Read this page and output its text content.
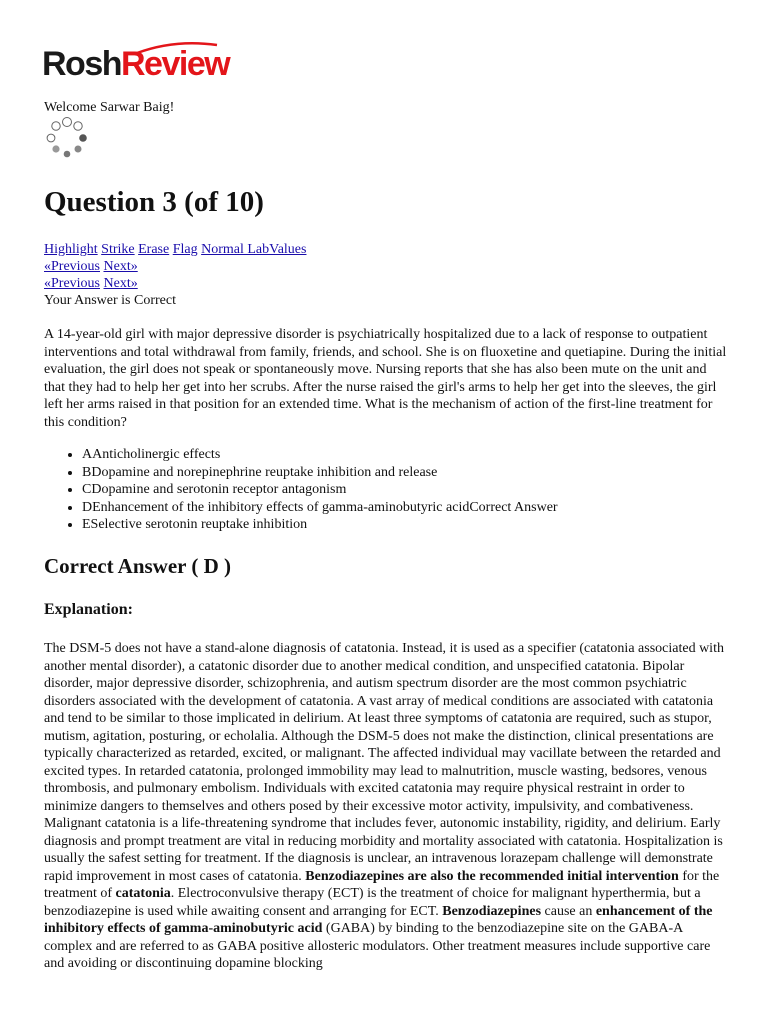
Rosh
Review
Welcome Sarwar Baig!
Question 3 (of 10)
Highlight Strike Erase Flag Normal LabValues
«Previous Next»
«Previous Next»
Your Answer is Correct

A 14-year-old girl with major depressive disorder is psychiatrically hospitalized due to a lack of response to outpatient interventions and total withdrawal from family, friends, and school. She is on fluoxetine and quetiapine. During the initial evaluation, the girl does not speak or spontaneously move. Nursing reports that she has also been mute on the unit and that they had to help her get into her scrubs. After the nurse raised the girl's arms to help her get into the sleeves, the girl left her arms raised in that position for an extended time. What is the mechanism of action of the first-line treatment for this condition?

• AAnticholinergic effects
• BDopamine and norepinephrine reuptake inhibition and release
• CDopamine and serotonin receptor antagonism
• DEnhancement of the inhibitory effects of gamma-aminobutyric acidCorrect Answer
• ESelective serotonin reuptake inhibition
Correct Answer ( D )
Explanation:

The DSM-5 does not have a stand-alone diagnosis of catatonia. Instead, it is used as a specifier (catatonia associated with another mental disorder), a catatonic disorder due to another medical condition, and unspecified catatonia. Bipolar disorder, major depressive disorder, schizophrenia, and autism spectrum disorder are the most common psychiatric disorders associated with the development of catatonia. A vast array of medical conditions are associated with catatonia and tend to be similar to those implicated in delirium. At least three symptoms of catatonia are required, such as stupor, mutism, agitation, posturing, or echolalia. Although the DSM-5 does not make the distinction, clinical presentations are typically characterized as retarded, excited, or malignant. The affected individual may vacillate between the retarded and excited types. In retarded catatonia, prolonged immobility may lead to malnutrition, muscle wasting, bedsores, venous thrombosis, and pulmonary embolism. Individuals with excited catatonia may require physical restraint in order to minimize dangers to themselves and others posed by their excessive motor activity, impulsivity, and combativeness. Malignant catatonia is a life-threatening syndrome that includes fever, autonomic instability, rigidity, and delirium. Early diagnosis and prompt treatment are vital in reducing morbidity and mortality associated with catatonia. Hospitalization is usually the safest setting for treatment. If the diagnosis is unclear, an intravenous lorazepam challenge will demonstrate rapid improvement in most cases of catatonia. Benzodiazepines are also the recommended initial intervention for the treatment of catatonia. Electroconvulsive therapy (ECT) is the treatment of choice for malignant hyperthermia, but a benzodiazepine is used while awaiting consent and arranging for ECT. Benzodiazepines cause an enhancement of the inhibitory effects of gamma-aminobutyric acid (GABA) by binding to the benzodiazepine site on the GABA-A complex and are referred to as GABA positive allosteric modulators. Other treatment measures include supportive care and avoiding or discontinuing dopamine blocking
